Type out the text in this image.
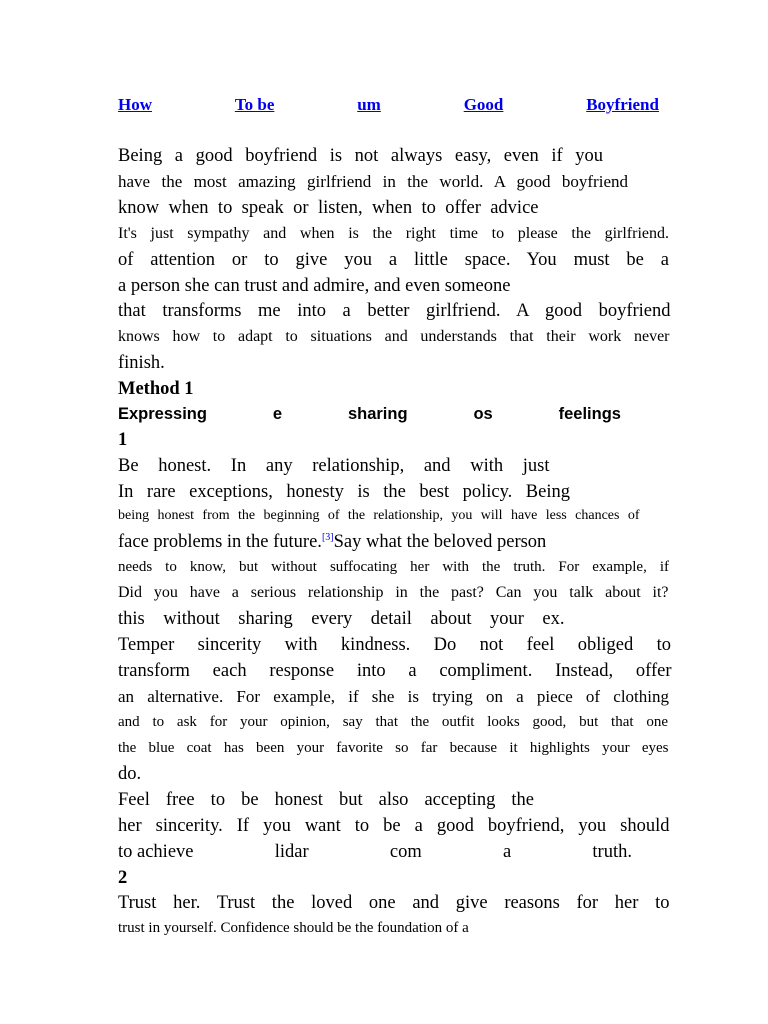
How	To be	um	Good	Boyfriend
Being a good boyfriend is not always easy, even if you
have the most amazing girlfriend in the world. A good boyfriend
know when to speak or listen, when to offer advice
It's just sympathy and when is the right time to please the girlfriend.
of attention or to give you a little space. You must be a
a person she can trust and admire, and even someone
that transforms me into a better girlfriend. A good boyfriend
knows how to adapt to situations and understands that their work never
finish.
Method 1
Expressing	e	sharing	os	feelings
1
Be honest. In any relationship, and with just
In rare exceptions, honesty is the best policy. Being
being honest from the beginning of the relationship, you will have less chances of
face problems in the future.[3]Say what the beloved person
needs to know, but without suffocating her with the truth. For example, if
Did you have a serious relationship in the past? Can you talk about it?
this without sharing every detail about your ex.
Temper sincerity with kindness. Do not feel obliged to
transform each response into a compliment. Instead, offer
an alternative. For example, if she is trying on a piece of clothing
and to ask for your opinion, say that the outfit looks good, but that one
the blue coat has been your favorite so far because it highlights your eyes
do.
Feel free to be honest but also accepting the
her sincerity. If you want to be a good boyfriend, you should
to achieve	lidar	com	a	truth.
2
Trust her. Trust the loved one and give reasons for her to
trust in yourself. Confidence should be the foundation of a
